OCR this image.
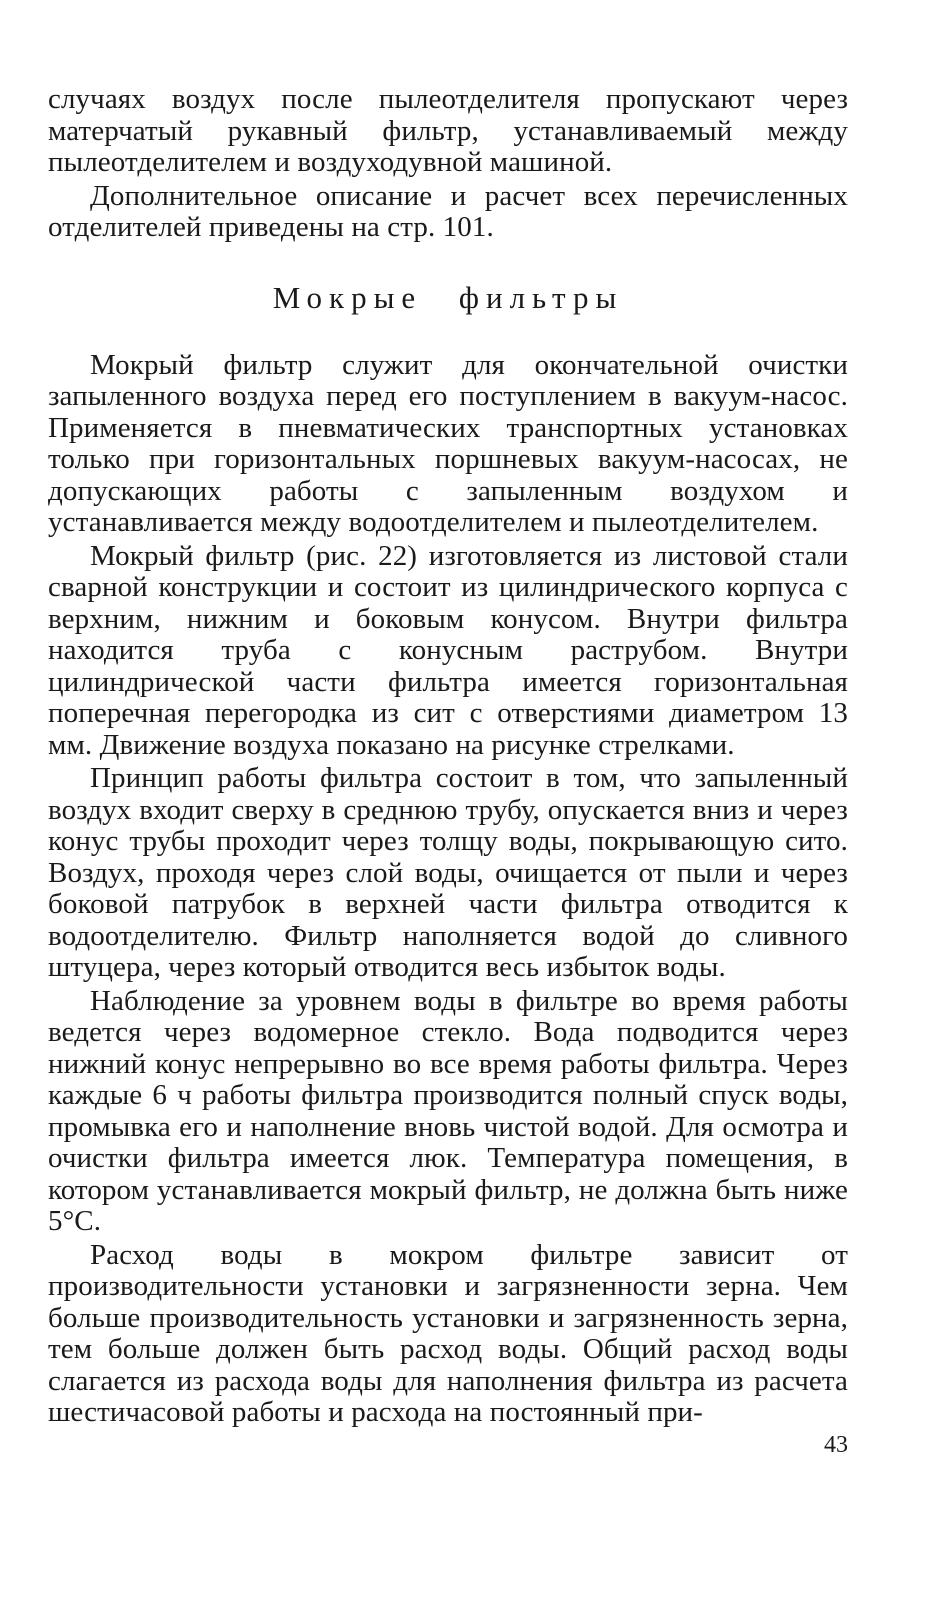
случаях воздух после пылеотделителя пропускают через матерчатый рукавный фильтр, устанавливаемый между пылеотделителем и воздуходувной машиной.

Дополнительное описание и расчет всех перечисленных отделителей приведены на стр. 101.

Мокрые фильтры

Мокрый фильтр служит для окончательной очистки запыленного воздуха перед его поступлением в вакуум-насос. Применяется в пневматических транспортных установках только при горизонтальных поршневых вакуум-насосах, не допускающих работы с запыленным воздухом и устанавливается между водоотделителем и пылеотделителем.

Мокрый фильтр (рис. 22) изготовляется из листовой стали сварной конструкции и состоит из цилиндрического корпуса с верхним, нижним и боковым конусом. Внутри фильтра находится труба с конусным раструбом. Внутри цилиндрической части фильтра имеется горизонтальная поперечная перегородка из сит с отверстиями диаметром 13 мм. Движение воздуха показано на рисунке стрелками.

Принцип работы фильтра состоит в том, что запыленный воздух входит сверху в среднюю трубу, опускается вниз и через конус трубы проходит через толщу воды, покрывающую сито. Воздух, проходя через слой воды, очищается от пыли и через боковой патрубок в верхней части фильтра отводится к водоотделителю. Фильтр наполняется водой до сливного штуцера, через который отводится весь избыток воды.

Наблюдение за уровнем воды в фильтре во время работы ведется через водомерное стекло. Вода подводится через нижний конус непрерывно во все время работы фильтра. Через каждые 6 ч работы фильтра производится полный спуск воды, промывка его и наполнение вновь чистой водой. Для осмотра и очистки фильтра имеется люк. Температура помещения, в котором устанавливается мокрый фильтр, не должна быть ниже 5°С.

Расход воды в мокром фильтре зависит от производительности установки и загрязненности зерна. Чем больше производительность установки и загрязненность зерна, тем больше должен быть расход воды. Общий расход воды слагается из расхода воды для наполнения фильтра из расчета шестичасовой работы и расхода на постоянный при-

43
